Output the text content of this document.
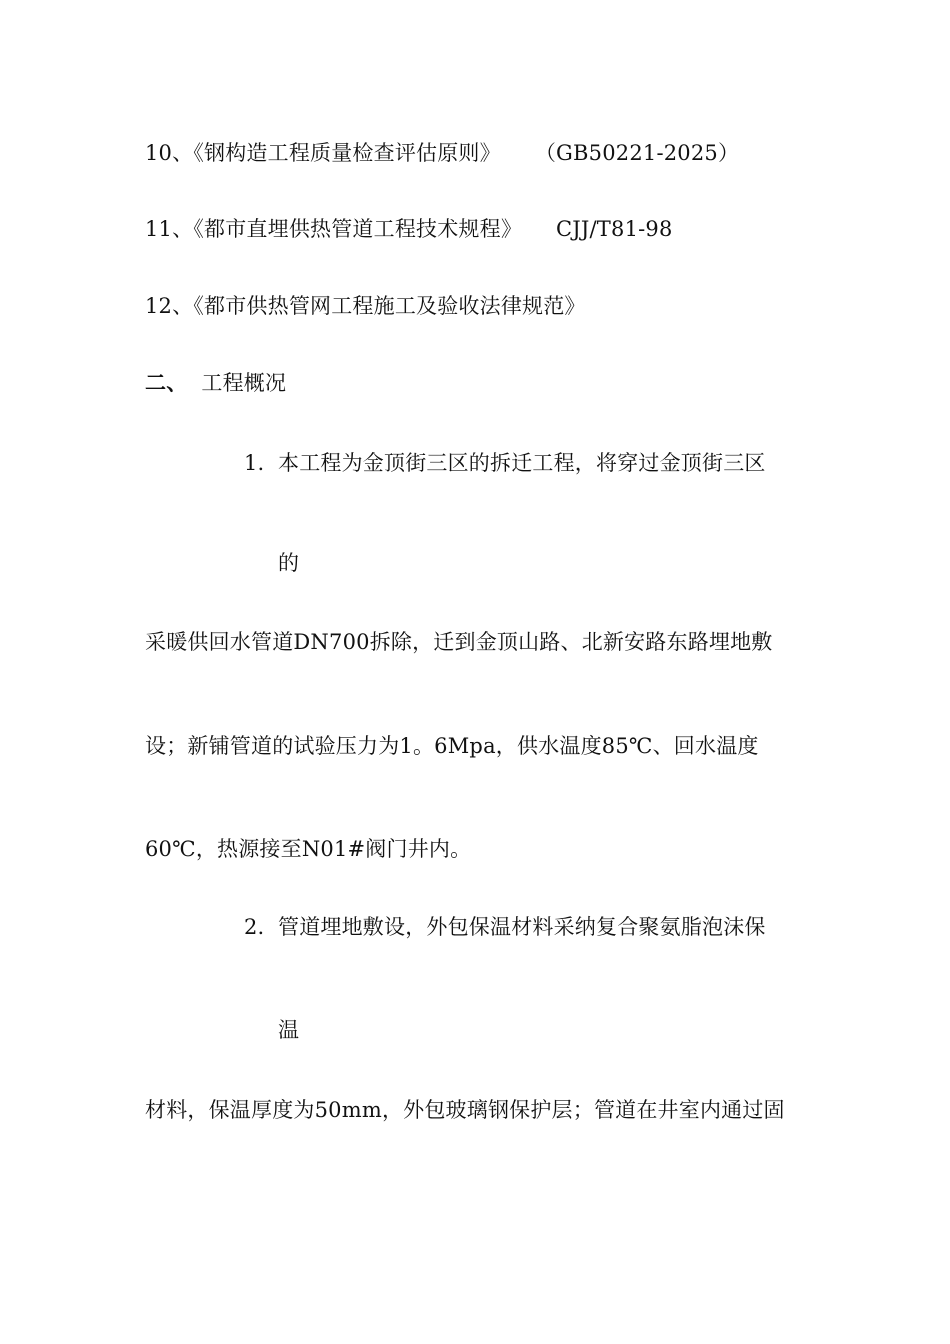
10、《钢构造工程质量检查评估原则》 （GB50221-2025）
11、《都市直埋供热管道工程技术规程》 CJJ/T81-98
12、《都市供热管网工程施工及验收法律规范》
二、 工程概况
1. 本工程为金顶街三区的拆迁工程，将穿过金顶街三区
的
采暖供回水管道DN700拆除，迁到金顶山路、北新安路东路埋地敷
设；新铺管道的试验压力为1。6Mpa，供水温度85℃、回水温度
60℃，热源接至N01#阀门井内。
2. 管道埋地敷设，外包保温材料采纳复合聚氨脂泡沫保
温
材料，保温厚度为50mm，外包玻璃钢保护层；管道在井室内通过固
